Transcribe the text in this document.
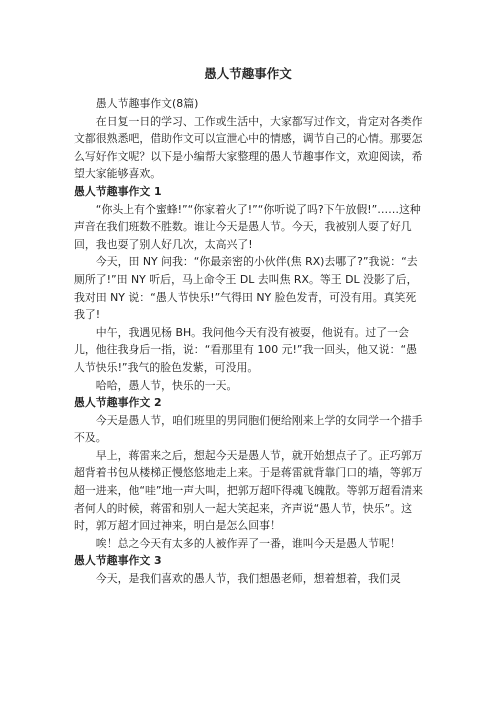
愚人节趣事作文

愚人节趣事作文(8篇)

在日复一日的学习、工作或生活中，大家都写过作文，肯定对各类作文都很熟悉吧，借助作文可以宣泄心中的情感，调节自己的心情。那要怎么写好作文呢？以下是小编帮大家整理的愚人节趣事作文，欢迎阅读，希望大家能够喜欢。

愚人节趣事作文 1

“你头上有个蜜蜂!”“你家着火了!”“你听说了吗?下午放假!”……这种声音在我们班数不胜数。谁让今天是愚人节。今天，我被别人耍了好几回，我也耍了别人好几次，太高兴了!

今天，田 NY 问我：“你最亲密的小伙伴(焦 RX)去哪了?”我说：“去厕所了!”田 NY 听后，马上命令王 DL 去叫焦 RX。等王 DL 没影了后，我对田 NY 说：“愚人节快乐!”气得田 NY 脸色发青，可没有用。真笑死我了!

中午，我遇见杨 BH。我问他今天有没有被耍，他说有。过了一会儿，他往我身后一指，说：“看那里有 100 元!”我一回头，他又说：“愚人节快乐!”我气的脸色发紫，可没用。

哈哈，愚人节，快乐的一天。

愚人节趣事作文 2

今天是愚人节，咱们班里的男同胞们便给刚来上学的女同学一个措手不及。

早上，蒋雷来之后，想起今天是愚人节，就开始想点子了。正巧郭万超背着书包从楼梯正慢悠悠地走上来。于是蒋雷就背靠门口的墙，等郭万超一进来，他“哇”地一声大叫，把郭万超吓得魂飞魄散。等郭万超看清来者何人的时候，蒋雷和别人一起大笑起来，齐声说“愚人节，快乐”。这时，郭万超才回过神来，明白是怎么回事！

唉！总之今天有太多的人被作弄了一番，谁叫今天是愚人节呢！

愚人节趣事作文 3

今天，是我们喜欢的愚人节，我们想愚老师，想着想着，我们灵
